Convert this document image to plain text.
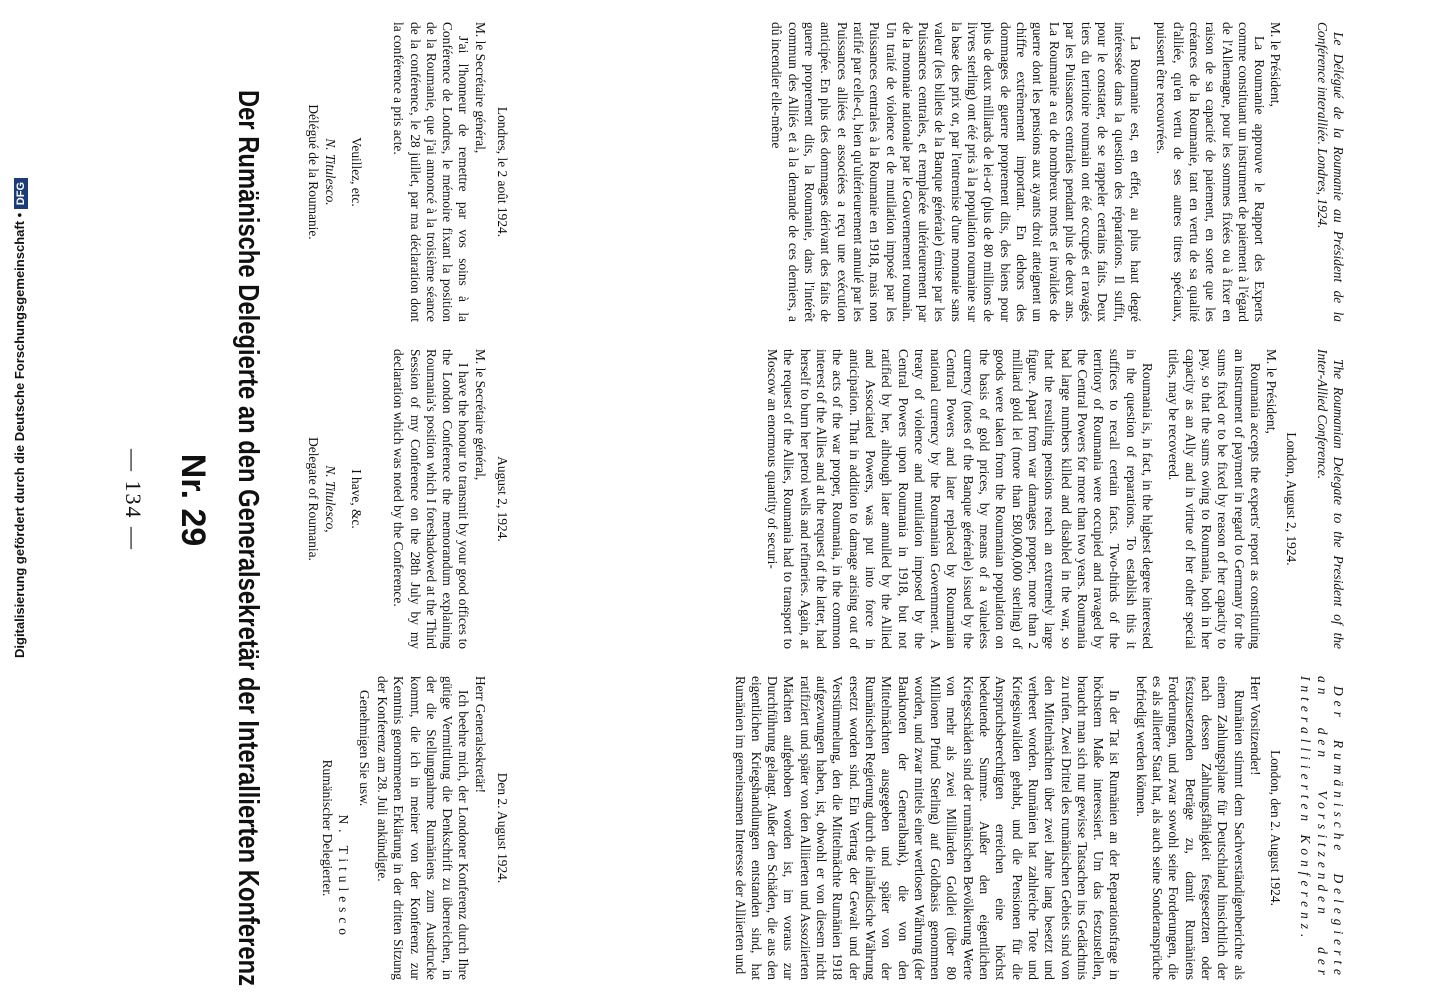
— 134 — Nr. 29 Der Rumänische Delegierte an den Generalsekretär der Interallierten Konferenz	Londres, le 2 août 1924.

M. le Secrétaire général,

J'ai l'honneur de remettre par vos soins à la Conférence de Londres, le mémoire fixant la position de la Roumanie, que j'ai annoncé à la troisième séance de la conférence, le 28 juillet, par ma déclaration dont la conférence a pris acte.

Veuillez, etc.

N. Titulesco.

Délégué de la Roumanie.

August 2, 1924.

M. le Secrétaire général,

I have the honour to transmit by your good offices to the London Conference the memorandum explaining Roumania's position which I foreshadowed at the Third Session of my Conference on the 28th July by my declaration which was noted by the Conference.

I have, &c.

N. Titulesco,

Delegate of Roumania.

Den 2. August 1924.

Herr Generalsekretär!

Ich beehre mich, der Londoner Konferenz durch Ihre gütige Vermittlung die Denkschrift zu überreichen, in der die Stellungnahme Rumäniens zum Ausdrucke kommt, die ich in meiner von der Konferenz zur Kenntnis genommenen Erklärung in der dritten Sitzung der Konferenz am 28. Juli ankündigte.

Genehmigen Sie usw.

N. Titulesco

Rumänischer Delegierter.

Le Délégué de la Roumanie au Président de la Conférence interalliée. Londres, 1924.

M. le Président,

La Roumanie approuve le Rapport des Experts comme constituant un instrument de paiement à l'égard de l'Allemagne, pour les sommes fixées ou à fixer en raison de sa capacité de paiement, en sorte que les créances de la Roumanie, tant en vertu de sa qualité d'alliée, qu'en vertu de ses autres titres spéciaux, puissent être recouvrées.

La Roumanie est, en effet, au plus haut degré intéressée dans la question des réparations. Il suffit, pour le constater, de se rappeler certains faits. Deux tiers du territoire roumain ont été occupés et ravagés par les Puissances centrales pendant plus de deux ans. La Roumanie a eu de nombreux morts et invalides de guerre dont les pensions aux ayants droit atteignent un chiffre extrêmement important. En dehors des dommages de guerre proprement dits, des biens pour plus de deux milliards de lei-or (plus de 80 millions de livres sterling) ont été pris à la population roumaine sur la base des prix or, par l'entremise d'une monnaie sans valeur (les billets de la Banque générale) émise par les Puissances centrales, et remplacée ultérieurement par de la monnaie nationale par le Gouvernement roumain. Un traité de violence et de mutilation imposé par les Puissances centrales à la Roumanie en 1918, mais non ratifié par celle-ci, bien qu'ultérieurement annulé par les Puissances alliées et associées a reçu une exécution anticipée. En plus des dommages dérivant des faits de guerre proprement dits, la Roumanie, dans l'intérêt commun des Alliés et à la demande de ces derniers, a dû incendier elle-même

The Roumanian Delegate to the President of the Inter-Allied Conference.

London, August 2, 1924.

M. le Président,

Roumania accepts the experts' report as constituting an instrument of payment in regard to Germany for the sums fixed or to be fixed by reason of her capacity to pay, so that the sums owing to Roumania, both in her capacity as an Ally and in virtue of her other special titles, may be recovered.

Roumania is, in fact, in the highest degree interested in the question of reparations. To establish this it suffices to recall certain facts. Two-thirds of the territory of Roumania were occupied and ravaged by the Central Powers for more than two years. Roumania had large numbers killed and disabled in the war, so that the resulting pensions reach an extremely large figure. Apart from war damages proper, more than 2 milliard gold lei (more than £80,000,000 sterling) of goods were taken from the Roumanian population on the basis of gold prices, by means of a valueless currency (notes of the Banque générale) issued by the Central Powers and later replaced by Roumanian national currency by the Roumanian Government. A treaty of violence and mutilation imposed by the Central Powers upon Roumania in 1918, but not ratified by her, although later annulled by the Allied and Associated Powers, was put into force in anticipation. That in addition to damage arising out of the acts of the war proper, Roumania, in the common interest of the Allies and at the request of the latter, had herself to burn her petrol wells and refineries. Again, at the request of the Allies, Roumania had to transport to Moscow an enormous quantity of securi-

Der Rumänische Delegierte an den Vorsitzenden der Interalliierten Konferenz.

London, den 2. August 1924.

Herr Vorsitzender!

Rumänien stimmt dem Sachverständigenberichte als einem Zahlungsplane für Deutschland hinsichtlich der nach dessen Zahlungsfähigkeit festgesetzten oder festzusetzenden Beträge zu, damit Rumäniens Forderungen, und zwar sowohl seine Forderungen, die es als allierter Staat hat, als auch seine Sonderansprüche befriedigt werden können.

In der Tat ist Rumänien an der Reparationsfrage in höchstem Maße interessiert. Um das festzustellen, braucht man sich nur gewisse Tatsachen ins Gedächtnis zu rufen. Zwei Drittel des rumänischen Gebiets sind von den Mittelmächten über zwei Jahre lang besetzt und verheert worden. Rumänien hat zahlreiche Tote und Kriegsinvaliden gehabt, und die Pensionen für die Anspruchsberechtigten erreichen eine höchst bedeutende Summe. Außer den eigentlichen Kriegsschäden sind der rumänischen Bevölkerung Werte von mehr als zwei Milliarden Goldlei (über 80 Millionen Pfund Sterling) auf Goldbasis genommen worden, und zwar mittels einer wertlosen Währung (der Banknoten der Generalbank), die von den Mittelmächten ausgegeben und später von der Rumänischen Regierung durch die inländische Währung ersetzt worden sind. Ein Vertrag der Gewalt und der Verstümmelung, den die Mittelmächte Rumänien 1918 aufgezwungen haben, ist, obwohl er von diesem nicht ratifiziert und später von den Alliierten und Assoziierten Mächten aufgehoben worden ist, im voraus zur Durchführung gelangt. Außer den Schäden, die aus den eigentlichen Kriegshandlungen entstanden sind, hat Rumänien im gemeinsamen Interesse der Alliierten und

Digitalisierung gefördert durch die Deutsche Forschungsgemeinschaft • DFG
